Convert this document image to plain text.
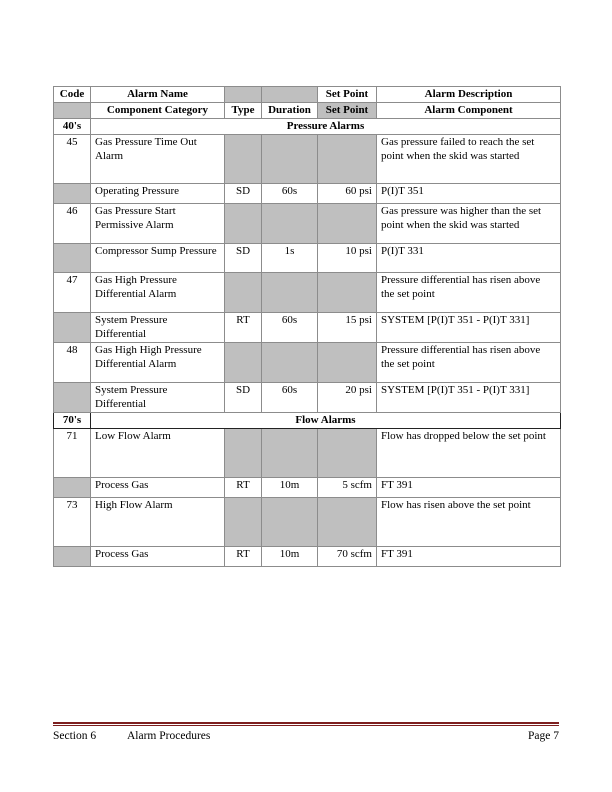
Code	Alarm Name			Set Point	Alarm Description
	Component Category	Type	Duration	Set Point	Alarm Component
40's	Pressure Alarms				
45	Gas Pressure Time Out Alarm				Gas pressure failed to reach the set point when the skid was started
	Operating Pressure	SD	60s	60 psi	P(I)T 351
46	Gas Pressure Start Permissive Alarm				Gas pressure was higher than the set point when the skid was started
	Compressor Sump Pressure	SD	1s	10 psi	P(I)T 331
47	Gas High Pressure Differential Alarm				Pressure differential has risen above the set point
	System Pressure Differential	RT	60s	15 psi	SYSTEM [P(I)T 351 - P(I)T 331]
48	Gas High High Pressure Differential Alarm				Pressure differential has risen above the set point
	System Pressure Differential	SD	60s	20 psi	SYSTEM [P(I)T 351 - P(I)T 331]
70's	Flow Alarms				
71	Low Flow Alarm				Flow has dropped below the set point
	Process Gas	RT	10m	5 scfm	FT 391
73	High Flow Alarm				Flow has risen above the set point
	Process Gas	RT	10m	70 scfm	FT 391
Section 6	Alarm Procedures	Page 7
